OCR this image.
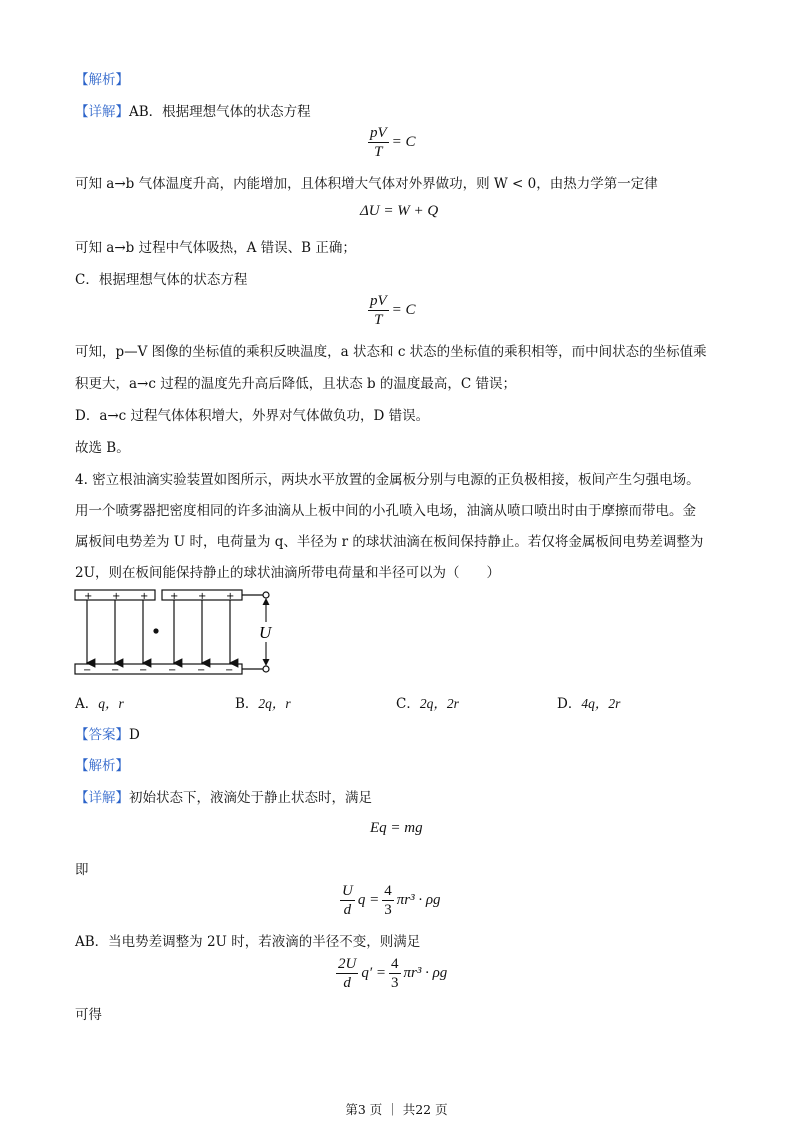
【解析】
【详解】AB．根据理想气体的状态方程
$\frac{pV}{T} = C$
可知 a→b 气体温度升高，内能增加，且体积增大气体对外界做功，则 W < 0，由热力学第一定律
ΔU = W + Q
可知 a→b 过程中气体吸热，A 错误、B 正确；
C．根据理想气体的状态方程
$\frac{pV}{T} = C$
可知，p—V 图像的坐标值的乘积反映温度，a 状态和 c 状态的坐标值的乘积相等，而中间状态的坐标值乘
积更大，a→c 过程的温度先升高后降低，且状态 b 的温度最高，C 错误；
D．a→c 过程气体体积增大，外界对气体做负功，D 错误。
故选 B。
4. 密立根油滴实验装置如图所示，两块水平放置的金属板分别与电源的正负极相接，板间产生匀强电场。
用一个喷雾器把密度相同的许多油滴从上板中间的小孔喷入电场，油滴从喷口喷出时由于摩擦而带电。金
属板间电势差为 U 时，电荷量为 q、半径为 r 的球状油滴在板间保持静止。若仅将金属板间电势差调整为
2U，则在板间能保持静止的球状油滴所带电荷量和半径可以为（　　）
+ + + + + +
− − − − − −
U
A．q，r	B．2q，r	C．2q，2r	D．4q，2r
【答案】D
【解析】
【详解】初始状态下，液滴处于静止状态时，满足
Eq = mg
即
$\frac{U}{d}$ $q = \frac{4}{3} \pi r^3 \cdot \rho g$
AB．当电势差调整为 2U 时，若液滴的半径不变，则满足
$\frac{2U}{d} q' = \frac{4}{3} \pi r^3 \cdot \rho g$
可得
第3 页 ｜ 共22 页
